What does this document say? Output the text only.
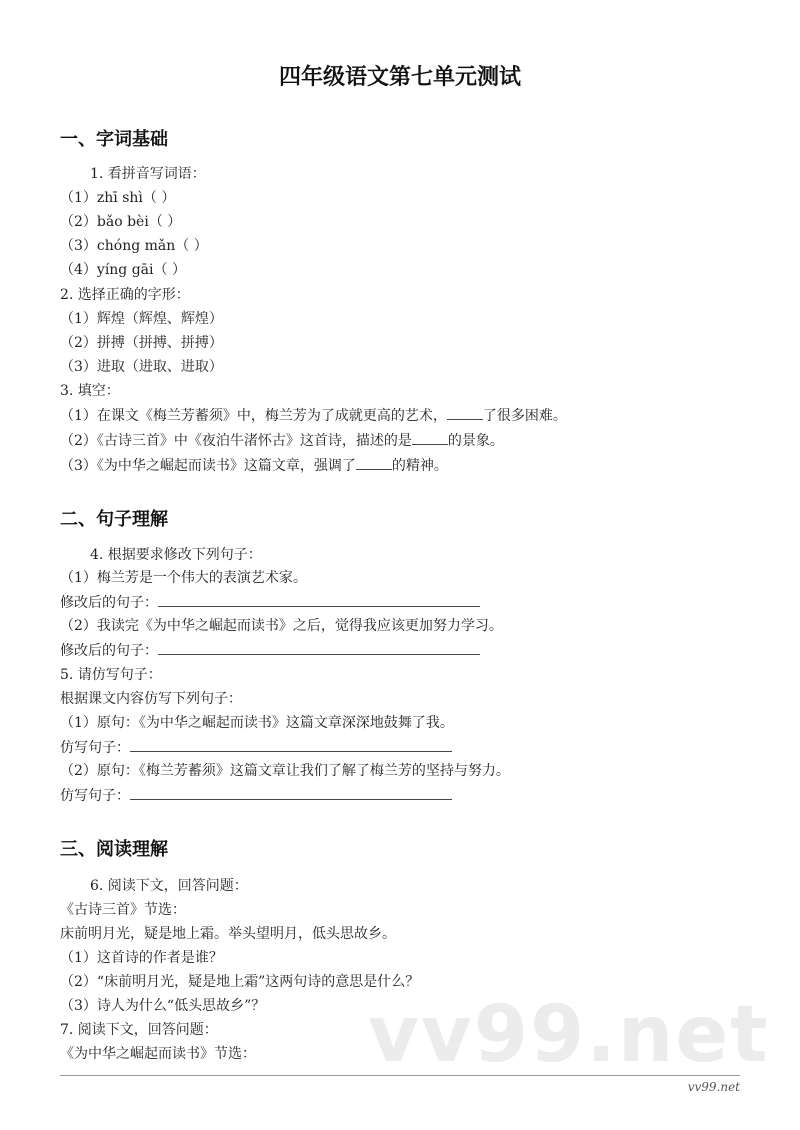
四年级语文第七单元测试
一、字词基础
1. 看拼音写词语：
（1）zhī shì（ ）
（2）bǎo bèi（ ）
（3）chóng mǎn（ ）
（4）yíng gāi（ ）
2. 选择正确的字形：
（1）辉煌（辉煌、辉煌）
（2）拼搏（拼搏、拼搏）
（3）进取（进取、进取）
3. 填空：
（1）在课文《梅兰芳蓄须》中，梅兰芳为了成就更高的艺术，	了很多困难。
（2）《古诗三首》中《夜泊牛渚怀古》这首诗，描述的是	的景象。
（3）《为中华之崛起而读书》这篇文章，强调了	的精神。
二、句子理解
4. 根据要求修改下列句子：
（1）梅兰芳是一个伟大的表演艺术家。
修改后的句子：
（2）我读完《为中华之崛起而读书》之后，觉得我应该更加努力学习。
修改后的句子：
5. 请仿写句子：
根据课文内容仿写下列句子：
（1）原句：《为中华之崛起而读书》这篇文章深深地鼓舞了我。
仿写句子：
（2）原句：《梅兰芳蓄须》这篇文章让我们了解了梅兰芳的坚持与努力。
仿写句子：
三、阅读理解
6. 阅读下文，回答问题：
《古诗三首》节选：
床前明月光，疑是地上霜。举头望明月，低头思故乡。
（1）这首诗的作者是谁？
（2）“床前明月光，疑是地上霜”这两句诗的意思是什么？
（3）诗人为什么“低头思故乡”？
7. 阅读下文，回答问题：
《为中华之崛起而读书》节选： vv99.net
vv99.net
